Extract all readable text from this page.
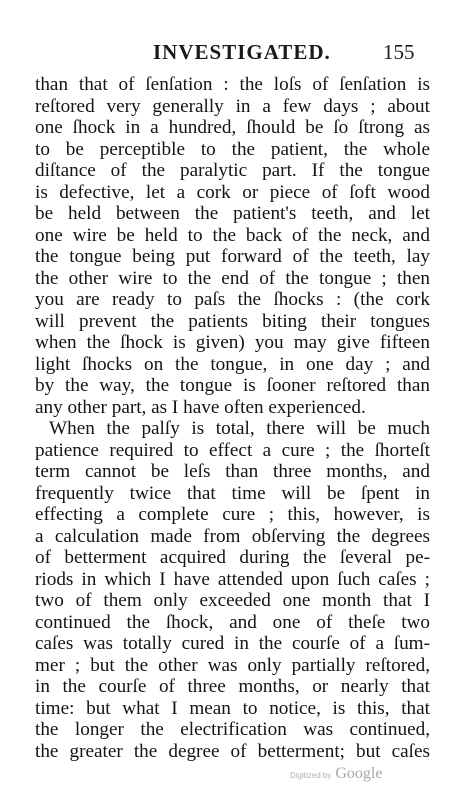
INVESTIGATED. 155
than that of ſenſation : the loſs of ſenſation is
reſtored very generally in a few days ; about
one ſhock in a hundred, ſhould be ſo ſtrong as
to be perceptible to the patient, the whole
diſtance of the paralytic part. If the tongue
is defective, let a cork or piece of ſoft wood
be held between the patient's teeth, and let
one wire be held to the back of the neck, and
the tongue being put forward of the teeth, lay
the other wire to the end of the tongue ; then
you are ready to paſs the ſhocks : (the cork
will prevent the patients biting their tongues
when the ſhock is given) you may give fifteen
light ſhocks on the tongue, in one day ; and
by the way, the tongue is ſooner reſtored than
any other part, as I have often experienced.
When the palſy is total, there will be much
patience required to effect a cure ; the ſhorteſt
term cannot be leſs than three months, and
frequently twice that time will be ſpent in
effecting a complete cure ; this, however, is
a calculation made from obſerving the degrees
of betterment acquired during the ſeveral pe-
riods in which I have attended upon ſuch caſes ;
two of them only exceeded one month that I
continued the ſhock, and one of theſe two
caſes was totally cured in the courſe of a ſum-
mer ; but the other was only partially reſtored,
in the courſe of three months, or nearly that
time: but what I mean to notice, is this, that
the longer the electrification was continued,
the greater the degree of betterment; but caſes
Digitized by Google
